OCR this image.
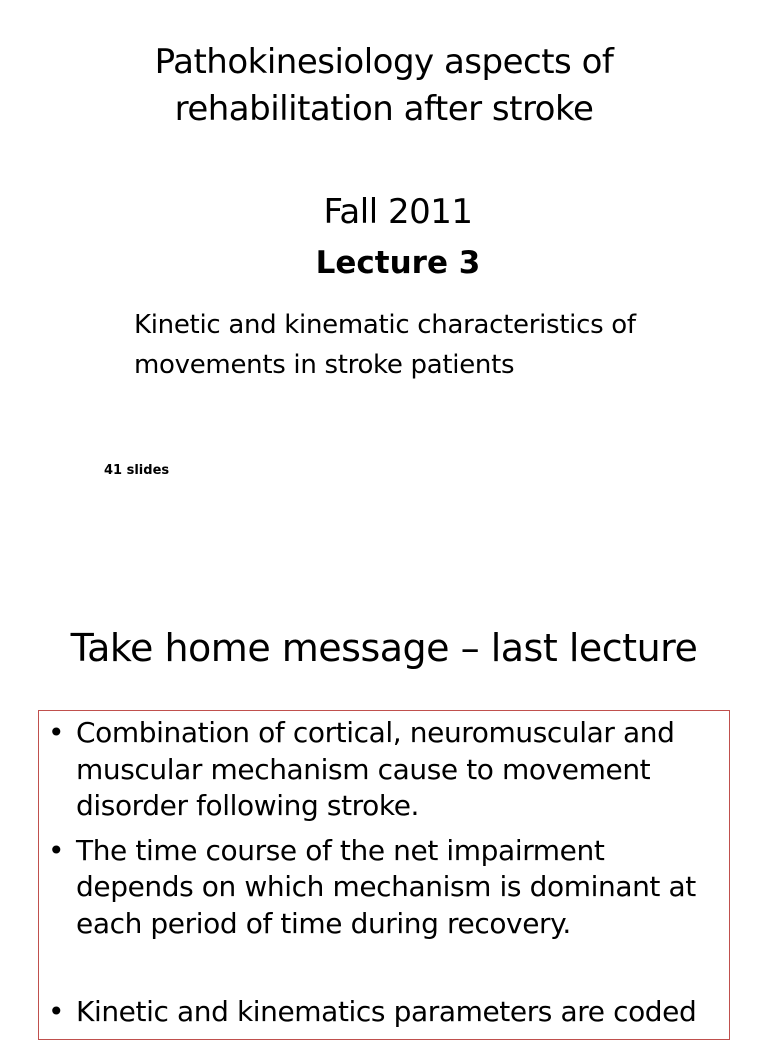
Pathokinesiology aspects of
rehabilitation after stroke
Fall 2011
Lecture 3
Kinetic and kinematic characteristics of
movements in stroke patients
41 slides
Take home message – last lecture
• Combination of cortical, neuromuscular and
muscular mechanism cause to movement
disorder following stroke.
• The time course of the net impairment
depends on which mechanism is dominant at
each period of time during recovery.
• Kinetic and kinematics parameters are coded
